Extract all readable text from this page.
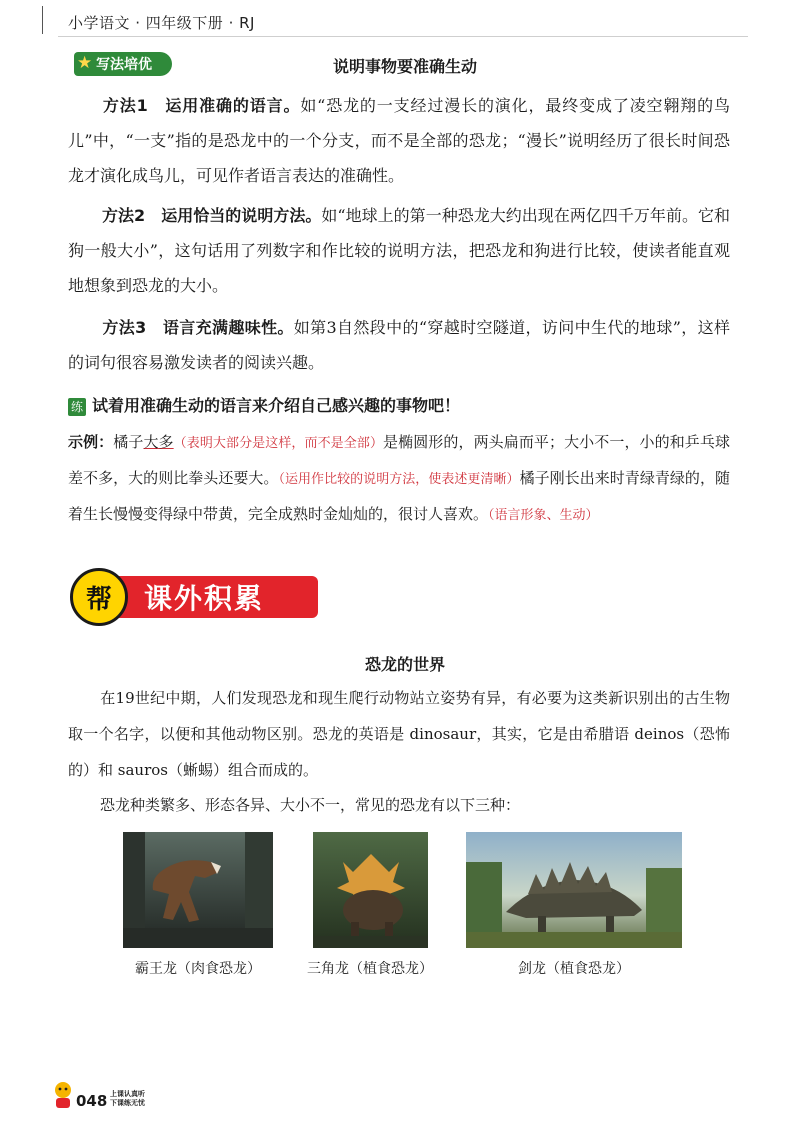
小学语文 · 四年级下册 · RJ
★ 写法培优	说明事物要准确生动
方法1　运用准确的语言。如“恐龙的一支经过漫长的演化，最终变成了凌空翱翔的鸟儿”中，“一支”指的是恐龙中的一个分支，而不是全部的恐龙；“漫长”说明经历了很长时间恐龙才演化成鸟儿，可见作者语言表达的准确性。
方法2　运用恰当的说明方法。如“地球上的第一种恐龙大约出现在两亿四千万年前。它和狗一般大小”，这句话用了列数字和作比较的说明方法，把恐龙和狗进行比较，使读者能直观地想象到恐龙的大小。
方法3　语言充满趣味性。如第3自然段中的“穿越时空隧道，访问中生代的地球”，这样的词句很容易激发读者的阅读兴趣。
练 试着用准确生动的语言来介绍自己感兴趣的事物吧！
示例：橘子大多（表明大部分是这样，而不是全部）是椭圆形的，两头扁而平；大小不一，小的和乒乓球差不多，大的则比拳头还要大。（运用作比较的说明方法，使表述更清晰）橘子刚长出来时青绿青绿的，随着生长慢慢变得绿中带黄，完全成熟时金灿灿的，很讨人喜欢。（语言形象、生动）
课外积累
帮
恐龙的世界
在19世纪中期，人们发现恐龙和现生爬行动物站立姿势有异，有必要为这类新识别出的古生物取一个名字，以便和其他动物区别。恐龙的英语是 dinosaur，其实，它是由希腊语 deinos（恐怖的）和 sauros（蜥蜴）组合而成的。
恐龙种类繁多、形态各异、大小不一，常见的恐龙有以下三种：
霸王龙（肉食恐龙）	三角龙（植食恐龙）	剑龙（植食恐龙）
048 上课认真听
下课练无忧
